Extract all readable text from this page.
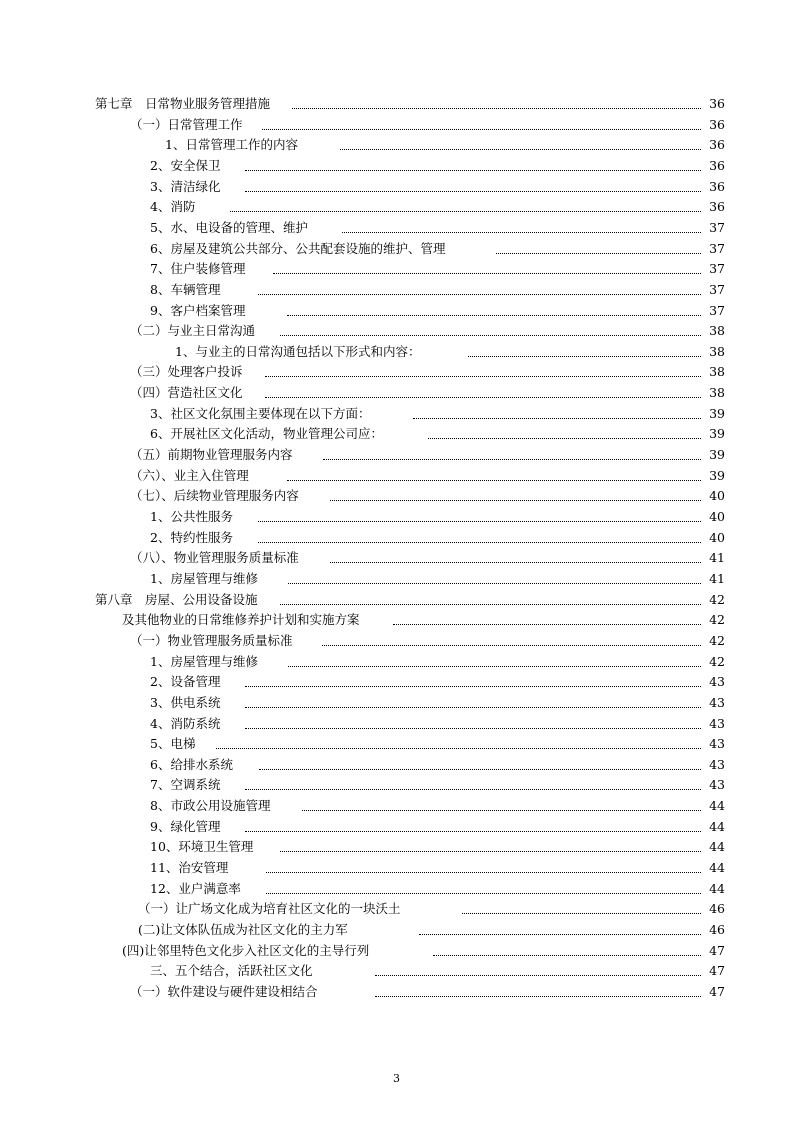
第七章　日常物业服务管理措施	36
（一）日常管理工作	36
1、日常管理工作的内容	36
2、安全保卫	36
3、清洁绿化	36
4、消防	36
5、水、电设备的管理、维护	37
6、房屋及建筑公共部分、公共配套设施的维护、管理	37
7、住户装修管理	37
8、车辆管理	37
9、客户档案管理	37
（二）与业主日常沟通	38
1、与业主的日常沟通包括以下形式和内容：	38
（三）处理客户投诉	38
（四）营造社区文化	38
3、社区文化氛围主要体现在以下方面：	39
6、开展社区文化活动，物业管理公司应：	39
（五）前期物业管理服务内容	39
（六）、业主入住管理	39
（七）、后续物业管理服务内容	40
1、公共性服务	40
2、特约性服务	40
（八）、物业管理服务质量标准	41
1、房屋管理与维修	41
第八章　房屋、公用设备设施	42
及其他物业的日常维修养护计划和实施方案	42
（一）物业管理服务质量标准	42
1、房屋管理与维修	42
2、设备管理	43
3、供电系统	43
4、消防系统	43
5、电梯	43
6、给排水系统	43
7、空调系统	43
8、市政公用设施管理	44
9、绿化管理	44
10、环境卫生管理	44
11、治安管理	44
12、业户满意率	44
（一）让广场文化成为培育社区文化的一块沃土	46
(二)让文体队伍成为社区文化的主力军	46
(四)让邻里特色文化步入社区文化的主导行列	47
三、五个结合，活跃社区文化	47
（一）软件建设与硬件建设相结合	47
3
